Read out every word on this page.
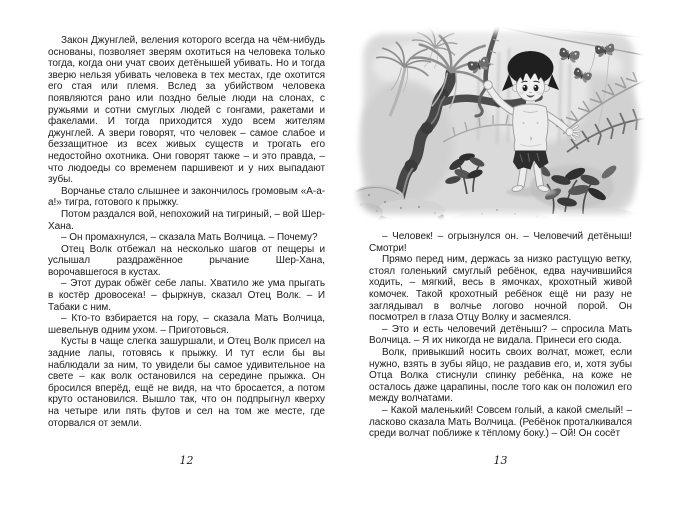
Закон Джунглей, веления которого всегда на чём-нибудь основаны, позволяет зверям охотиться на человека только тогда, когда они учат своих детёнышей убивать. Но и тогда зверю нельзя убивать человека в тех местах, где охотится его стая или племя. Вслед за убийством человека появляются рано или поздно белые люди на слонах, с ружьями и сотни смуглых людей с гонгами, ракетами и факелами. И тогда приходится худо всем жителям джунглей. А звери говорят, что человек – самое слабое и беззащитное из всех живых существ и трогать его недостойно охотника. Они говорят также – и это правда, – что людоеды со временем паршивеют и у них выпадают зубы.

Ворчанье стало слышнее и закончилось громовым «А-а-а!» тигра, готового к прыжку.

Потом раздался вой, непохожий на тигриный, – вой Шер-Хана.

– Он промахнулся, – сказала Мать Волчица. – Почему?

Отец Волк отбежал на несколько шагов от пещеры и услышал раздражённое рычание Шер-Хана, ворочавшегося в кустах.

– Этот дурак обжёг себе лапы. Хватило же ума прыгать в костёр дровосека! – фыркнув, сказал Отец Волк. – И Табаки с ним.

– Кто-то взбирается на гору, – сказала Мать Волчица, шевельнув одним ухом. – Приготовься.

Кусты в чаще слегка зашуршали, и Отец Волк присел на задние лапы, готовясь к прыжку. И тут если бы вы наблюдали за ним, то увидели бы самое удивительное на свете – как волк остановился на середине прыжка. Он бросился вперёд, ещё не видя, на что бросается, а потом круто остановился. Вышло так, что он подпрыгнул кверху на четыре или пять футов и сел на том же месте, где оторвался от земли.

12

– Человек! – огрызнулся он. – Человечий детёныш! Смотри!

Прямо перед ним, держась за низко растущую ветку, стоял голенький смуглый ребёнок, едва научившийся ходить, – мягкий, весь в ямочках, крохотный живой комочек. Такой крохотный ребёнок ещё ни разу не заглядывал в волчье логово ночной порой. Он посмотрел в глаза Отцу Волку и засмеялся.

– Это и есть человечий детёныш? – спросила Мать Волчица. – Я их никогда не видала. Принеси его сюда.

Волк, привыкший носить своих волчат, может, если нужно, взять в зубы яйцо, не раздавив его, и, хотя зубы Отца Волка стиснули спинку ребёнка, на коже не осталось даже царапины, после того как он положил его между волчатами.

– Какой маленький! Совсем голый, а какой смелый! – ласково сказала Мать Волчица. (Ребёнок проталкивался среди волчат поближе к тёплому боку.) – Ой! Он сосёт

13
